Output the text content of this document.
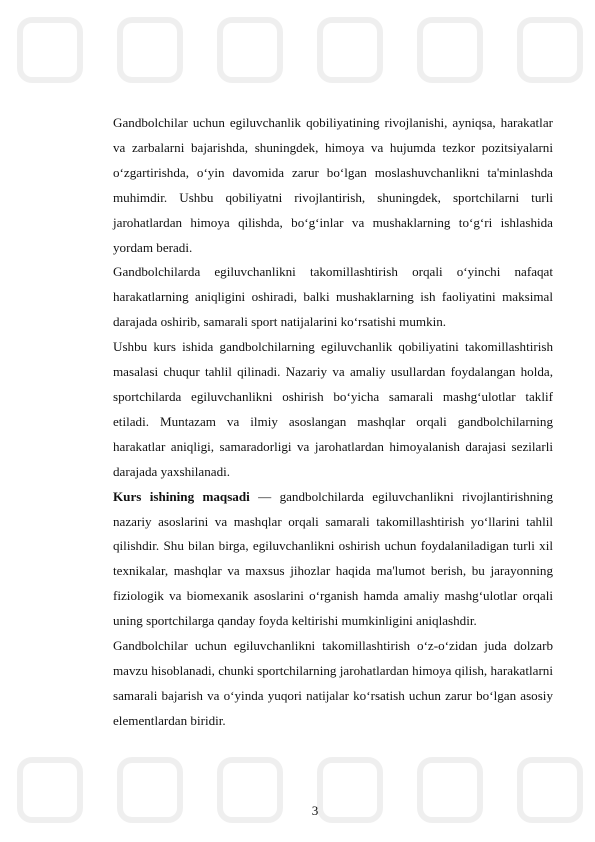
Gandbolchilar uchun egiluvchanlik qobiliyatining rivojlanishi, ayniqsa, harakatlar va zarbalarni bajarishda, shuningdek, himoya va hujumda tezkor pozitsiyalarni o‘zgartirishda, o‘yin davomida zarur bo‘lgan moslashuvchanlikni ta'minlashda muhimdir. Ushbu qobiliyatni rivojlantirish, shuningdek, sportchilarni turli jarohatlardan himoya qilishda, bo‘g‘inlar va mushaklarning to‘g‘ri ishlashida yordam beradi.

Gandbolchilarda egiluvchanlikni takomillashtirish orqali o‘yinchi nafaqat harakatlarning aniqligini oshiradi, balki mushaklarning ish faoliyatini maksimal darajada oshirib, samarali sport natijalarini ko‘rsatishi mumkin.

Ushbu kurs ishida gandbolchilarning egiluvchanlik qobiliyatini takomillashtirish masalasi chuqur tahlil qilinadi. Nazariy va amaliy usullardan foydalangan holda, sportchilarda egiluvchanlikni oshirish bo‘yicha samarali mashg‘ulotlar taklif etiladi. Muntazam va ilmiy asoslangan mashqlar orqali gandbolchilarning harakatlar aniqligi, samaradorligi va jarohatlardan himoyalanish darajasi sezilarli darajada yaxshilanadi.

Kurs ishining maqsadi — gandbolchilarda egiluvchanlikni rivojlantirishning nazariy asoslarini va mashqlar orqali samarali takomillashtirish yo‘llarini tahlil qilishdir. Shu bilan birga, egiluvchanlikni oshirish uchun foydalaniladigan turli xil texnikalar, mashqlar va maxsus jihozlar haqida ma'lumot berish, bu jarayonning fiziologik va biomexanik asoslarini o‘rganish hamda amaliy mashg‘ulotlar orqali uning sportchilarga qanday foyda keltirishi mumkinligini aniqlashdir.

Gandbolchilar uchun egiluvchanlikni takomillashtirish o‘z-o‘zidan juda dolzarb mavzu hisoblanadi, chunki sportchilarning jarohatlardan himoya qilish, harakatlarni samarali bajarish va o‘yinda yuqori natijalar ko‘rsatish uchun zarur bo‘lgan asosiy elementlardan biridir.

3
